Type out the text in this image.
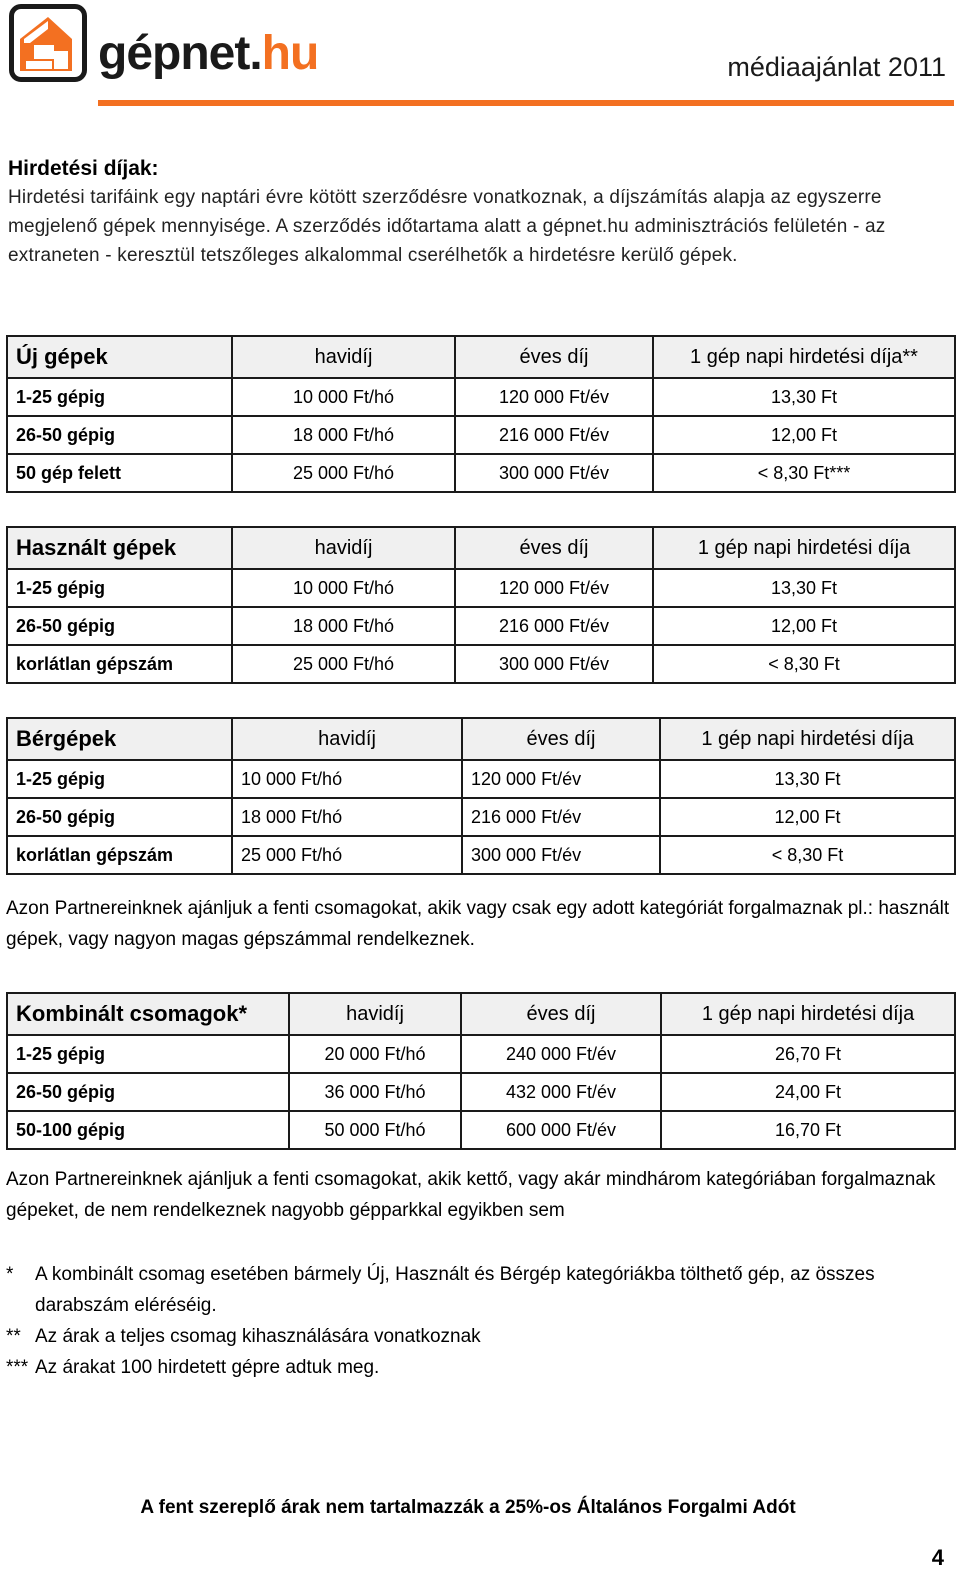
gépnet.hu	médiaajánlat 2011
Hirdetési díjak:

Hirdetési tarifáink egy naptári évre kötött szerződésre vonatkoznak, a díjszámítás alapja az egyszerre megjelenő gépek mennyisége. A szerződés időtartama alatt a gépnet.hu adminisztrációs felületén - az extraneten - keresztül tetszőleges alkalommal cserélhetők a hirdetésre kerülő gépek.

Új gépek	havidíj	éves díj	1 gép napi hirdetési díja**
1-25 gépig	10 000 Ft/hó	120 000 Ft/év	13,30 Ft
26-50 gépig	18 000 Ft/hó	216 000 Ft/év	12,00 Ft
50 gép felett	25 000 Ft/hó	300 000 Ft/év	< 8,30 Ft***
Használt gépek	havidíj	éves díj	1 gép napi hirdetési díja
1-25 gépig	10 000 Ft/hó	120 000 Ft/év	13,30 Ft
26-50 gépig	18 000 Ft/hó	216 000 Ft/év	12,00 Ft
korlátlan gépszám	25 000 Ft/hó	300 000 Ft/év	< 8,30 Ft
Bérgépek	havidíj	éves díj	1 gép napi hirdetési díja
1-25 gépig	10 000 Ft/hó	120 000 Ft/év	13,30 Ft
26-50 gépig	18 000 Ft/hó	216 000 Ft/év	12,00 Ft
korlátlan gépszám	25 000 Ft/hó	300 000 Ft/év	< 8,30 Ft
Azon Partnereinknek ajánljuk a fenti csomagokat, akik vagy csak egy adott kategóriát forgalmaznak pl.: használt gépek, vagy nagyon magas gépszámmal rendelkeznek.
Kombinált csomagok*	havidíj	éves díj	1 gép napi hirdetési díja
1-25 gépig	20 000 Ft/hó	240 000 Ft/év	26,70 Ft
26-50 gépig	36 000 Ft/hó	432 000 Ft/év	24,00 Ft
50-100 gépig	50 000 Ft/hó	600 000 Ft/év	16,70 Ft
Azon Partnereinknek ajánljuk a fenti csomagokat, akik kettő, vagy akár mindhárom kategóriában forgalmaznak gépeket, de nem rendelkeznek nagyobb gépparkkal egyikben sem
*	A kombinált csomag esetében bármely Új, Használt és Bérgép kategóriákba tölthető gép, az összes darabszám eléréséig.
** Az árak a teljes csomag kihasználására vonatkoznak
*** Az árakat 100 hirdetett gépre adtuk meg.
A fent szereplő árak nem tartalmazzák a 25%-os Általános Forgalmi Adót
4
